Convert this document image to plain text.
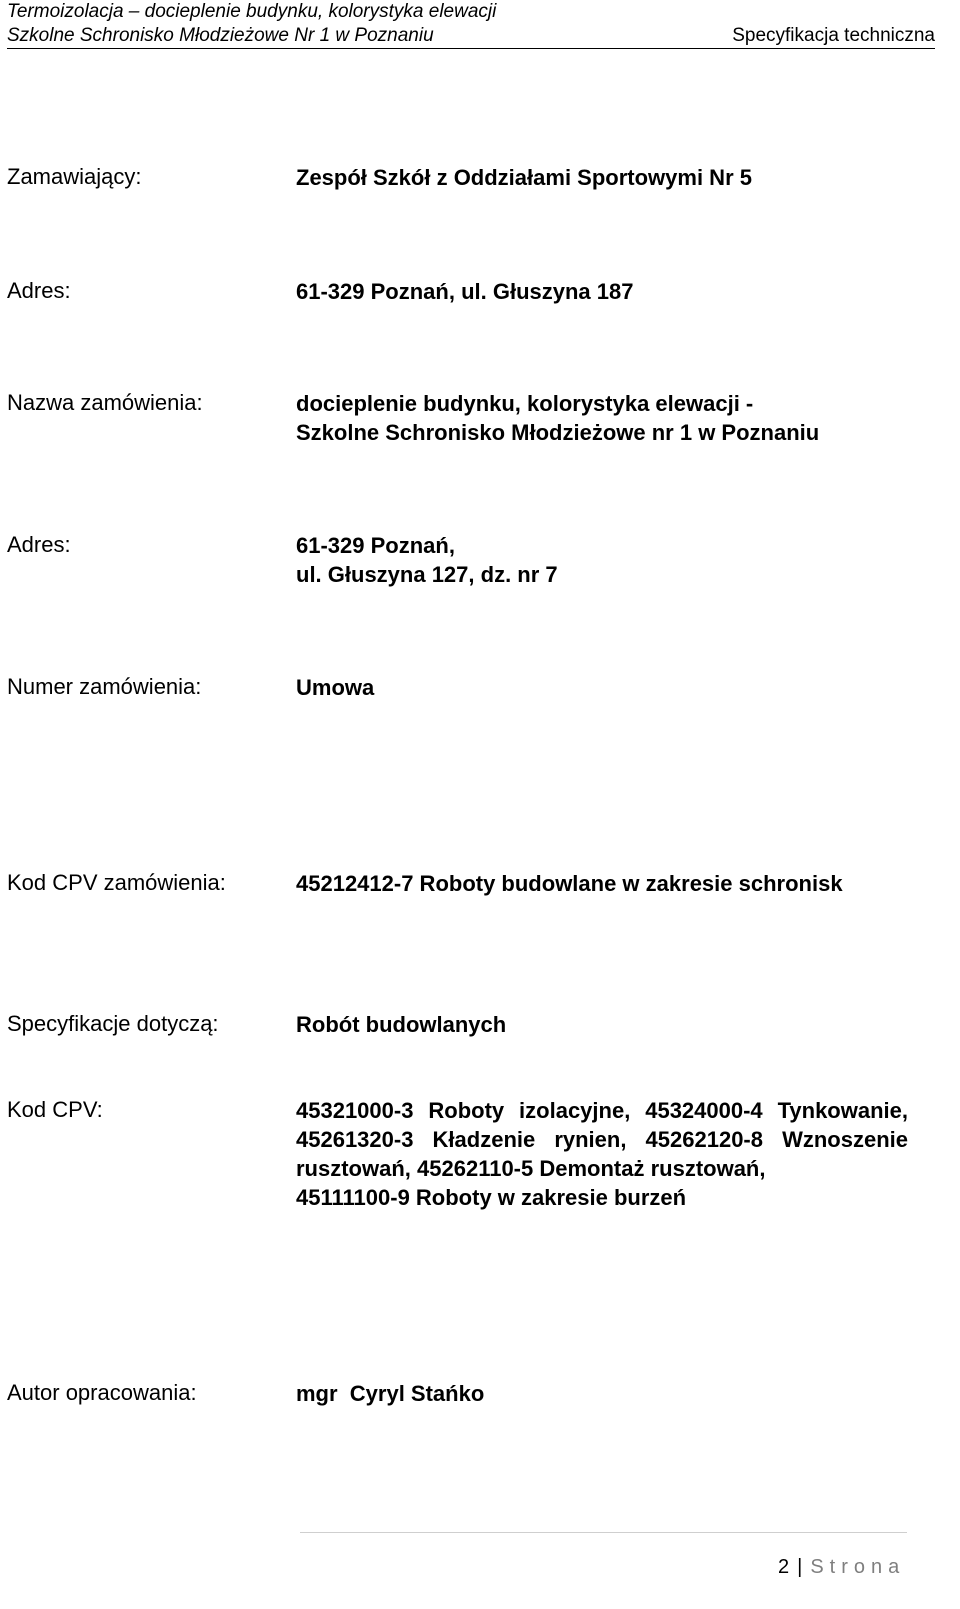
Termoizolacja – docieplenie budynku, kolorystyka elewacji
Szkolne Schronisko Młodzieżowe Nr 1 w Poznaniu	Specyfikacja techniczna
Zamawiający:	Zespół Szkół z Oddziałami Sportowymi Nr 5
Adres:	61-329 Poznań, ul. Głuszyna 187
Nazwa zamówienia:	docieplenie budynku, kolorystyka elewacji -
Szkolne Schronisko Młodzieżowe nr 1 w Poznaniu
Adres:	61-329 Poznań,
ul. Głuszyna 127, dz. nr 7
Numer zamówienia:	Umowa
Kod CPV zamówienia:	45212412-7 Roboty budowlane w zakresie schronisk
Specyfikacje dotyczą:	Robót budowlanych
Kod CPV:	45321000-3 Roboty izolacyjne, 45324000-4 Tynkowanie,
45261320-3 Kładzenie rynien, 45262120-8 Wznoszenie
rusztowań, 45262110-5 Demontaż rusztowań,
45111100-9 Roboty w zakresie burzeń
Autor opracowania:	mgr  Cyryl Stańko
2 | Strona
